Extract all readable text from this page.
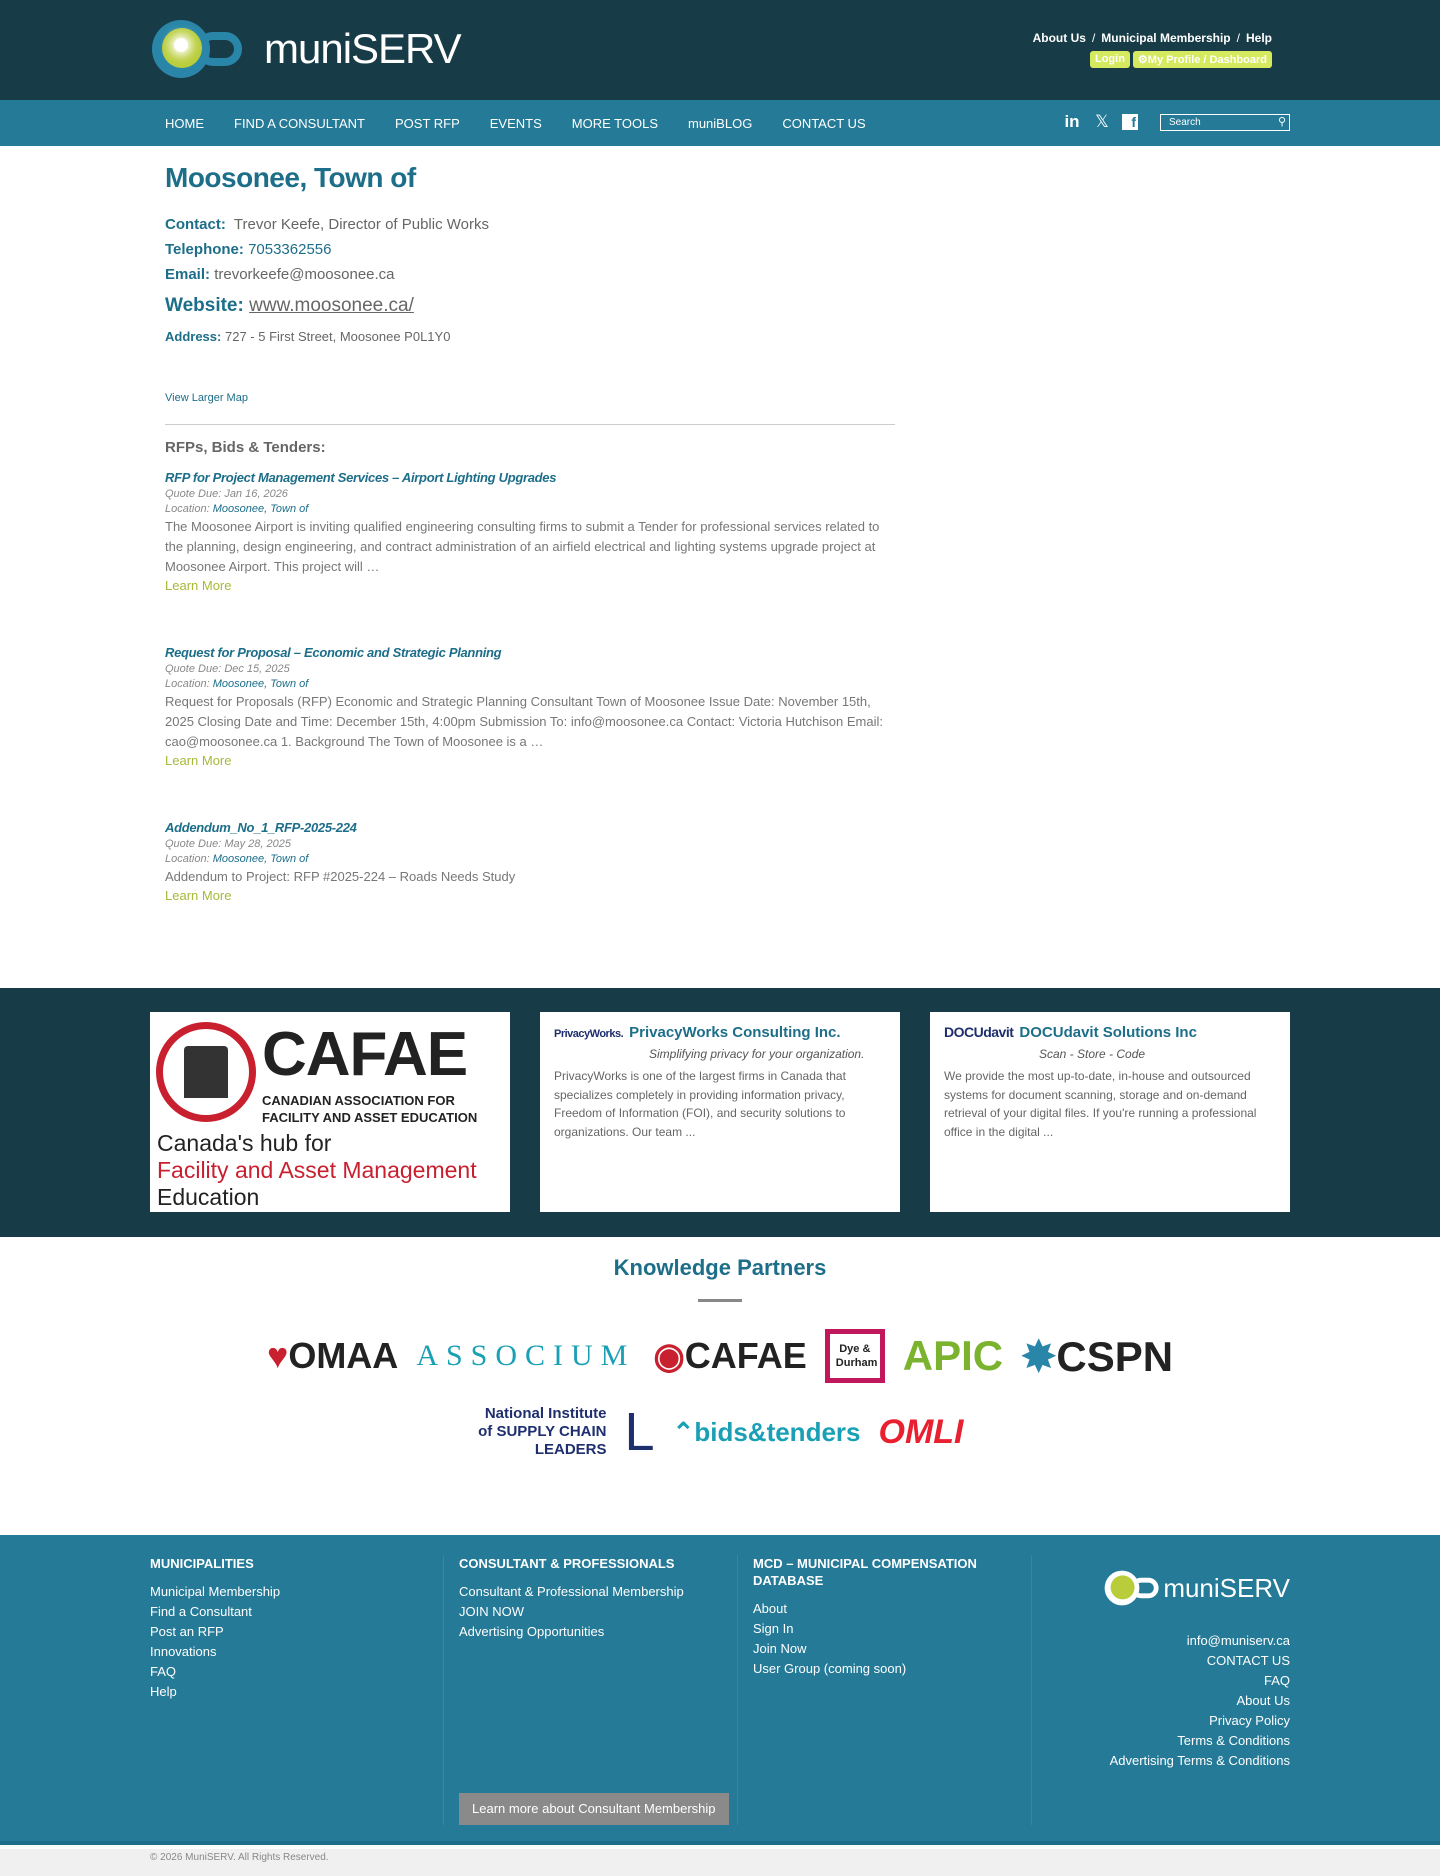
muniSERV	About Us / Municipal Membership / Help
Login	⚙My Profile / Dashboard
HOME FIND A CONSULTANT POST RFP EVENTS MORE TOOLS muniBLOG CONTACT US	in 𝕏	f	Search	⚲
Moosonee, Town of
Contact: Trevor Keefe, Director of Public Works
Telephone: 7053362556
Email: trevorkeefe@moosonee.ca
Website: www.moosonee.ca/
Address: 727 - 5 First Street, Moosonee P0L1Y0
View Larger Map
RFPs, Bids & Tenders:
RFP for Project Management Services – Airport Lighting Upgrades
Quote Due: Jan 16, 2026
Location: Moosonee, Town of
The Moosonee Airport is inviting qualified engineering consulting firms to submit a Tender for professional services related to the planning, design engineering, and contract administration of an airfield electrical and lighting systems upgrade project at Moosonee Airport. This project will …
Learn More
Request for Proposal – Economic and Strategic Planning
Quote Due: Dec 15, 2025
Location: Moosonee, Town of
Request for Proposals (RFP) Economic and Strategic Planning Consultant Town of Moosonee Issue Date: November 15th, 2025 Closing Date and Time: December 15th, 4:00pm Submission To: info@moosonee.ca Contact: Victoria Hutchison Email: cao@moosonee.ca 1. Background The Town of Moosonee is a …
Learn More
Addendum_No_1_RFP-2025-224
Quote Due: May 28, 2025
Location: Moosonee, Town of
Addendum to Project: RFP #2025-224 – Roads Needs Study
Learn More
CAFAE
CANADIAN ASSOCIATION FOR
FACILITY AND ASSET EDUCATION
Canada's hub for
Facility and Asset Management
Education
PrivacyWorks. PrivacyWorks Consulting Inc.
Simplifying privacy for your organization.
PrivacyWorks is one of the largest firms in Canada that specializes completely in providing information privacy, Freedom of Information (FOI), and security solutions to organizations. Our team ...
DOCUdavit DOCUdavit Solutions Inc
Scan - Store - Code
We provide the most up-to-date, in-house and outsourced systems for document scanning, storage and on-demand retrieval of your digital files. If you're running a professional office in the digital ...
Knowledge Partners
♥OMAA ASSOCIUM ◉CAFAE	Dye & Durham APIC ✸CSPN
National Institute of SUPPLY CHAIN LEADERS L ⌃bids&tenders OMLI
MUNICIPALITIES
Municipal Membership
Find a Consultant
Post an RFP
Innovations
FAQ
Help
CONSULTANT & PROFESSIONALS
Consultant & Professional Membership
JOIN NOW
Advertising Opportunities
Learn more about Consultant Membership
MCD – MUNICIPAL COMPENSATION DATABASE
About
Sign In
Join Now
User Group (coming soon)
muniSERV
info@muniserv.ca
CONTACT US
FAQ
About Us
Privacy Policy
Terms & Conditions
Advertising Terms & Conditions
© 2026 MuniSERV. All Rights Reserved.
